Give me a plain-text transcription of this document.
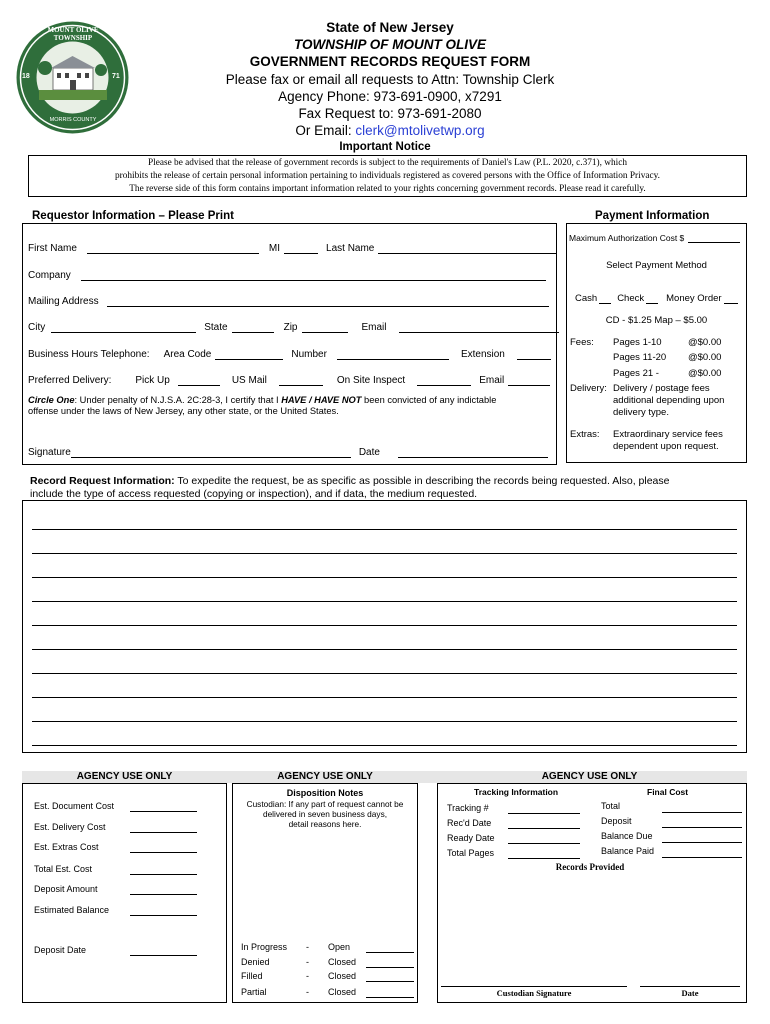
MOUNT OLIVE TOWNSHIP
MORRIS COUNTY
18	71
State of New Jersey
TOWNSHIP OF MOUNT OLIVE
GOVERNMENT RECORDS REQUEST FORM
Please fax or email all requests to Attn: Township Clerk
Agency Phone: 973-691-0900, x7291
Fax Request to: 973-691-2080
Or Email: clerk@mtolivetwp.org
Important Notice
Please be advised that the release of government records is subject to the requirements of Daniel's Law (P.L. 2020, c.371), which
prohibits the release of certain personal information pertaining to individuals registered as covered persons with the Office of Information Privacy.
The reverse side of this form contains important information related to your rights concerning government records. Please read it carefully.
Requestor Information – Please Print
First Name	MI	Last Name
Company
Mailing Address
City	State	Zip	Email
Business Hours Telephone: Area Code	Number	Extension
Preferred Delivery: Pick Up	US Mail	On Site Inspect	Email
Circle One: Under penalty of N.J.S.A. 2C:28-3, I certify that I HAVE / HAVE NOT been convicted of any indictable
offense under the laws of New Jersey, any other state, or the United States.
Signature	Date
Payment Information
Maximum Authorization Cost $
Select Payment Method
Cash Check Money Order
CD - $1.25 Map – $5.00
Fees: Pages 1-10	@$0.00
Pages 11-20 @$0.00
Pages 21 -	@$0.00
Delivery: Delivery / postage fees
additional depending upon
delivery type.
Extras: Extraordinary service fees
dependent upon request.
Record Request Information: To expedite the request, be as specific as possible in describing the records being requested. Also, please
include the type of access requested (copying or inspection), and if data, the medium requested.
AGENCY USE ONLY	AGENCY USE ONLY	AGENCY USE ONLY
Est. Document Cost
Est. Delivery Cost
Est. Extras Cost
Total Est. Cost
Deposit Amount
Estimated Balance
Deposit Date
Disposition Notes
Custodian: If any part of request cannot be
delivered in seven business days,
detail reasons here.
In Progress - Open
Denied	- Closed
Filled	- Closed
Partial	- Closed
Tracking Information	Final Cost
Tracking #
Rec'd Date
Ready Date
Total Pages
Total
Deposit
Balance Due
Balance Paid
Records Provided
Custodian Signature	Date
